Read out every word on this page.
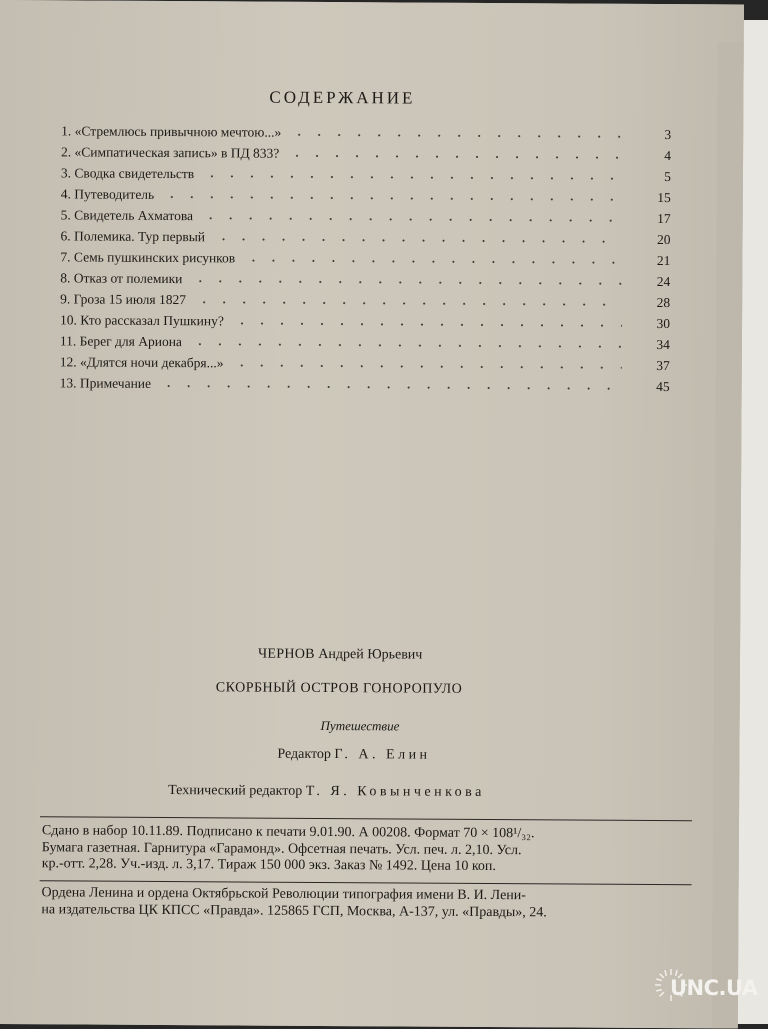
СОДЕРЖАНИЕ
1. «Стремлюсь привычною мечтою...»	3
2. «Симпатическая запись» в ПД 833?	4
3. Сводка свидетельств	5
4. Путеводитель	15
5. Свидетель Ахматова	17
6. Полемика. Тур первый	20
7. Семь пушкинских рисунков	21
8. Отказ от полемики	24
9. Гроза 15 июля 1827	28
10. Кто рассказал Пушкину?	30
11. Берег для Ариона	34
12. «Длятся ночи декабря...»	37
13. Примечание	45
ЧЕРНОВ Андрей Юрьевич
СКОРБНЫЙ ОСТРОВ ГОНОРОПУЛО
Путешествие
Редактор Г. А. Елин
Технический редактор Т. Я. Ковынченкова

Сдано в набор 10.11.89. Подписано к печати 9.01.90. А 00208. Формат 70 × 108¹/₃₂.
Бумага газетная. Гарнитура «Гарамонд». Офсетная печать. Усл. печ. л. 2,10. Усл.
кр.-отт. 2,28. Уч.-изд. л. 3,17. Тираж 150 000 экз. Заказ № 1492. Цена 10 коп.

Ордена Ленина и ордена Октябрьской Революции типография имени В. И. Лени-
на издательства ЦК КПСС «Правда». 125865 ГСП, Москва, А-137, ул. «Правды», 24.

UNC.UA
